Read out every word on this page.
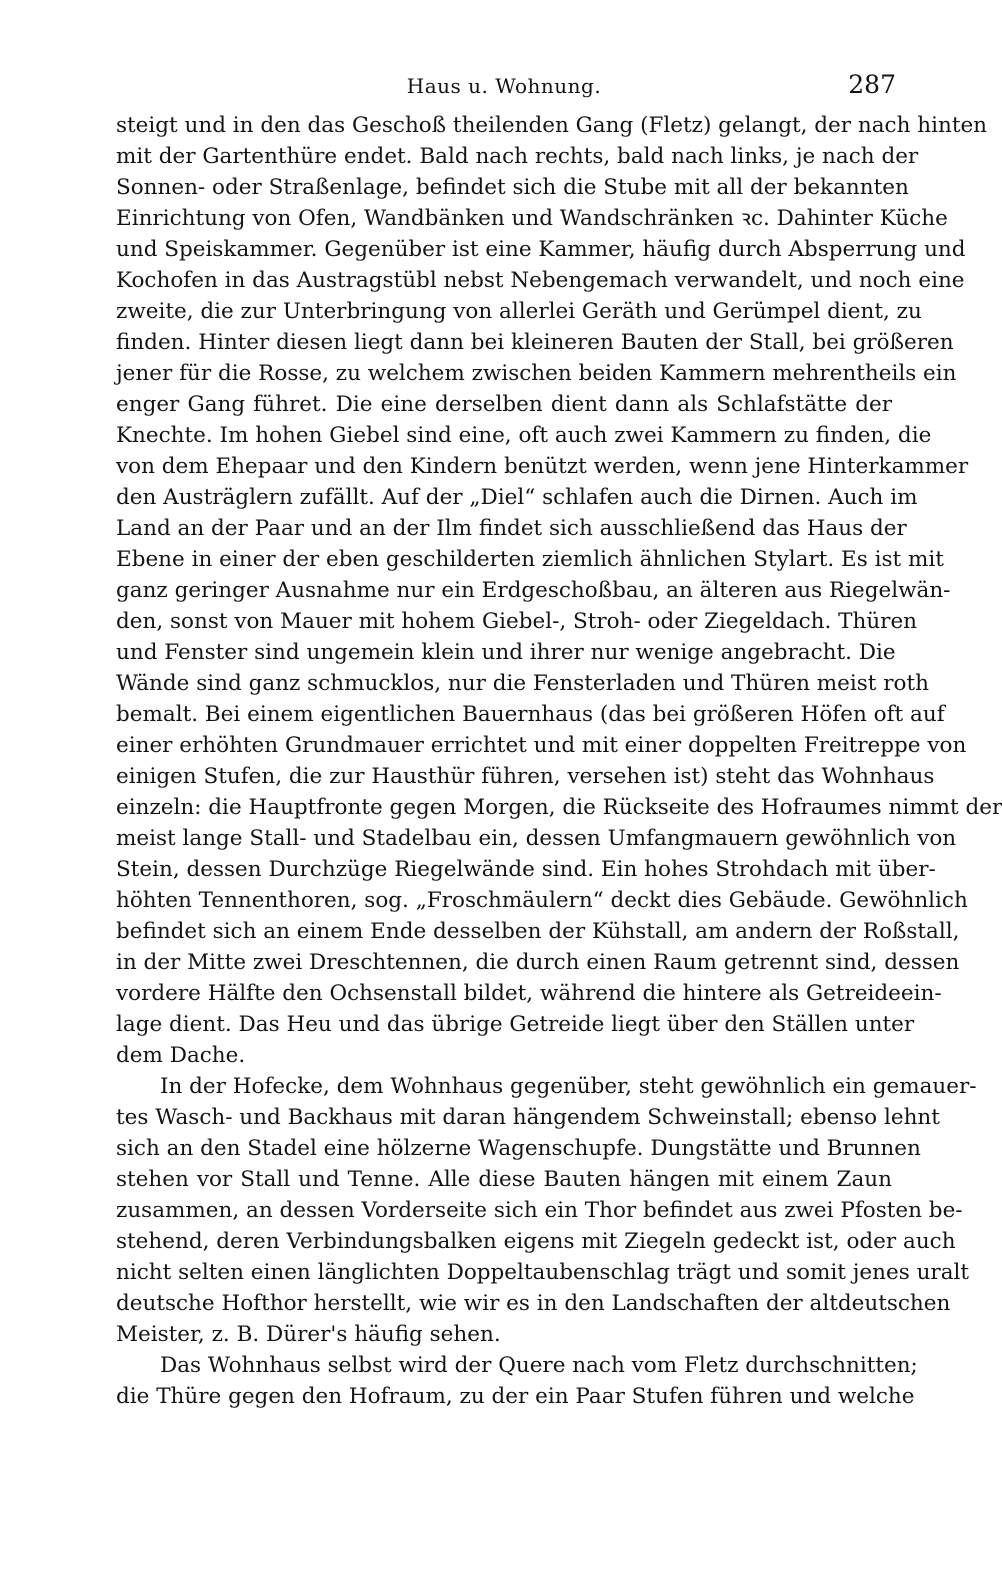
Haus u. Wohnung.	287
steigt und in den das Geschoß theilenden Gang (Fletz) gelangt, der nach hinten
mit der Gartenthüre endet. Bald nach rechts, bald nach links, je nach der
Sonnen- oder Straßenlage, befindet sich die Stube mit all der bekannten
Einrichtung von Ofen, Wandbänken und Wandschränken ꝛc. Dahinter Küche
und Speiskammer. Gegenüber ist eine Kammer, häufig durch Absperrung und
Kochofen in das Austragstübl nebst Nebengemach verwandelt, und noch eine
zweite, die zur Unterbringung von allerlei Geräth und Gerümpel dient, zu
finden. Hinter diesen liegt dann bei kleineren Bauten der Stall, bei größeren
jener für die Rosse, zu welchem zwischen beiden Kammern mehrentheils ein
enger Gang führet. Die eine derselben dient dann als Schlafstätte der
Knechte. Im hohen Giebel sind eine, oft auch zwei Kammern zu finden, die
von dem Ehepaar und den Kindern benützt werden, wenn jene Hinterkammer
den Austräglern zufällt. Auf der „Diel“ schlafen auch die Dirnen. Auch im
Land an der Paar und an der Ilm findet sich ausschließend das Haus der
Ebene in einer der eben geschilderten ziemlich ähnlichen Stylart. Es ist mit
ganz geringer Ausnahme nur ein Erdgeschoßbau, an älteren aus Riegelwän-
den, sonst von Mauer mit hohem Giebel-, Stroh- oder Ziegeldach. Thüren
und Fenster sind ungemein klein und ihrer nur wenige angebracht. Die
Wände sind ganz schmucklos, nur die Fensterladen und Thüren meist roth
bemalt. Bei einem eigentlichen Bauernhaus (das bei größeren Höfen oft auf
einer erhöhten Grundmauer errichtet und mit einer doppelten Freitreppe von
einigen Stufen, die zur Hausthür führen, versehen ist) steht das Wohnhaus
einzeln: die Hauptfronte gegen Morgen, die Rückseite des Hofraumes nimmt der
meist lange Stall- und Stadelbau ein, dessen Umfangmauern gewöhnlich von
Stein, dessen Durchzüge Riegelwände sind. Ein hohes Strohdach mit über-
höhten Tennenthoren, sog. „Froschmäulern“ deckt dies Gebäude. Gewöhnlich
befindet sich an einem Ende desselben der Kühstall, am andern der Roßstall,
in der Mitte zwei Dreschtennen, die durch einen Raum getrennt sind, dessen
vordere Hälfte den Ochsenstall bildet, während die hintere als Getreideein-
lage dient. Das Heu und das übrige Getreide liegt über den Ställen unter
dem Dache.
In der Hofecke, dem Wohnhaus gegenüber, steht gewöhnlich ein gemauer-
tes Wasch- und Backhaus mit daran hängendem Schweinstall; ebenso lehnt
sich an den Stadel eine hölzerne Wagenschupfe. Dungstätte und Brunnen
stehen vor Stall und Tenne. Alle diese Bauten hängen mit einem Zaun
zusammen, an dessen Vorderseite sich ein Thor befindet aus zwei Pfosten be-
stehend, deren Verbindungsbalken eigens mit Ziegeln gedeckt ist, oder auch
nicht selten einen länglichten Doppeltaubenschlag trägt und somit jenes uralt
deutsche Hofthor herstellt, wie wir es in den Landschaften der altdeutschen
Meister, z. B. Dürer's häufig sehen.
Das Wohnhaus selbst wird der Quere nach vom Fletz durchschnitten;
die Thüre gegen den Hofraum, zu der ein Paar Stufen führen und welche
